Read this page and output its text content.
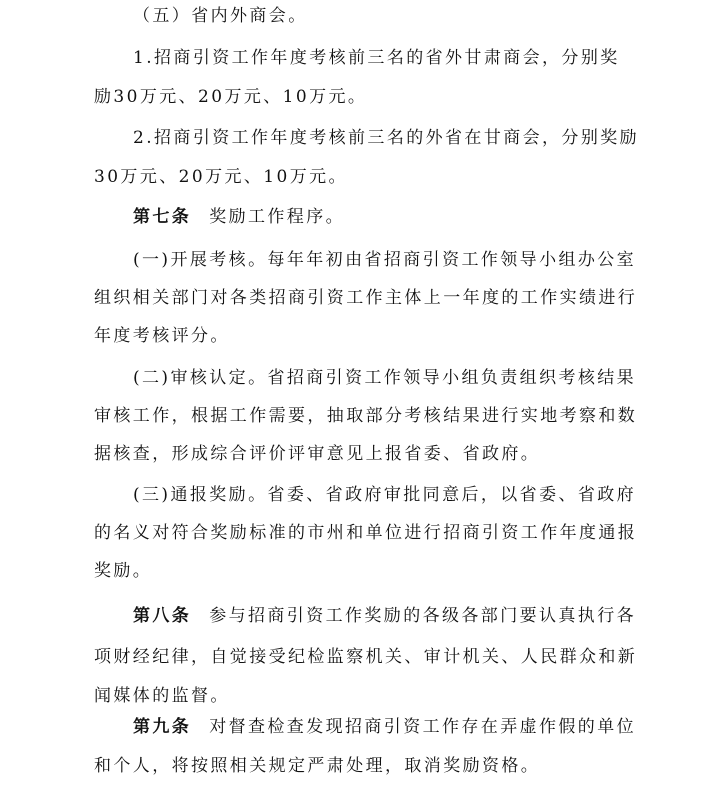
（五）省内外商会。
1.招商引资工作年度考核前三名的省外甘肃商会，分别奖
励30万元、20万元、10万元。
2.招商引资工作年度考核前三名的外省在甘商会，分别奖励
30万元、20万元、10万元。
第七条 奖励工作程序。
(一)开展考核。每年年初由省招商引资工作领导小组办公室
组织相关部门对各类招商引资工作主体上一年度的工作实绩进行
年度考核评分。
(二)审核认定。省招商引资工作领导小组负责组织考核结果
审核工作，根据工作需要，抽取部分考核结果进行实地考察和数
据核查，形成综合评价评审意见上报省委、省政府。
(三)通报奖励。省委、省政府审批同意后，以省委、省政府
的名义对符合奖励标准的市州和单位进行招商引资工作年度通报
奖励。
第八条 参与招商引资工作奖励的各级各部门要认真执行各
项财经纪律，自觉接受纪检监察机关、审计机关、人民群众和新
闻媒体的监督。
第九条 对督查检查发现招商引资工作存在弄虚作假的单位
和个人，将按照相关规定严肃处理，取消奖励资格。
